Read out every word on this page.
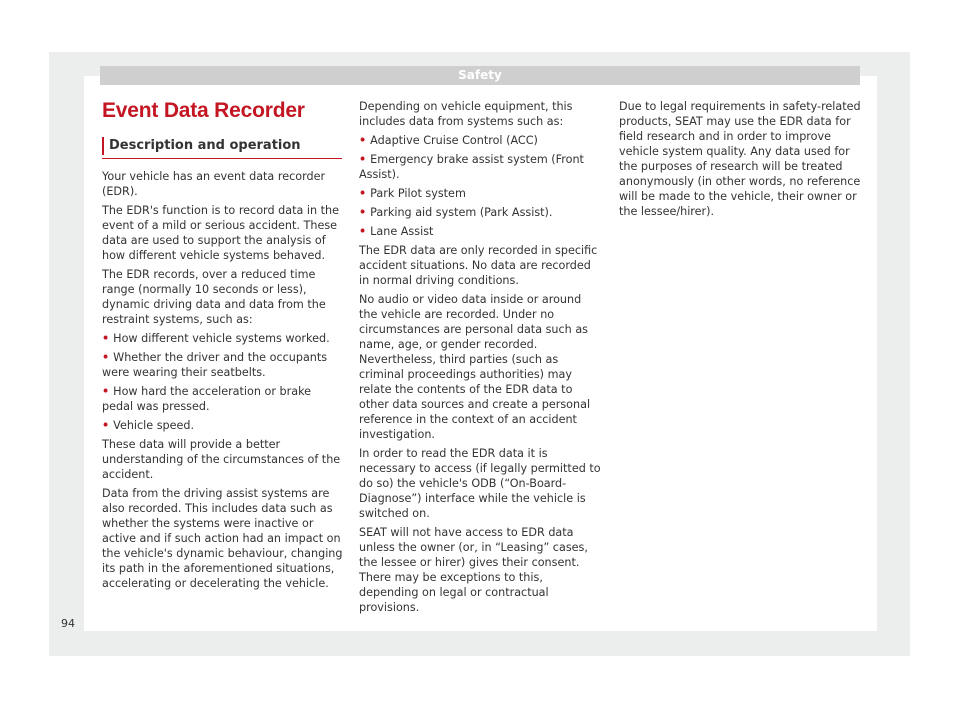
Safety
Event Data Recorder
Description and operation

Your vehicle has an event data recorder (EDR).

The EDR's function is to record data in the event of a mild or serious accident. These data are used to support the analysis of how different vehicle systems behaved.

The EDR records, over a reduced time range (normally 10 seconds or less), dynamic driving data and data from the restraint systems, such as:

• How different vehicle systems worked.
• Whether the driver and the occupants were wearing their seatbelts.
• How hard the acceleration or brake pedal was pressed.
• Vehicle speed.

These data will provide a better understanding of the circumstances of the accident.

Data from the driving assist systems are also recorded. This includes data such as whether the systems were inactive or active and if such action had an impact on the vehicle's dynamic behaviour, changing its path in the aforementioned situations, accelerating or decelerating the vehicle.

Depending on vehicle equipment, this includes data from systems such as:

• Adaptive Cruise Control (ACC)
• Emergency brake assist system (Front Assist).
• Park Pilot system
• Parking aid system (Park Assist).
• Lane Assist

The EDR data are only recorded in specific accident situations. No data are recorded in normal driving conditions.

No audio or video data inside or around the vehicle are recorded. Under no circumstances are personal data such as name, age, or gender recorded. Nevertheless, third parties (such as criminal proceedings authorities) may relate the contents of the EDR data to other data sources and create a personal reference in the context of an accident investigation.

In order to read the EDR data it is necessary to access (if legally permitted to do so) the vehicle's ODB (“On-Board-Diagnose”) interface while the vehicle is switched on.

SEAT will not have access to EDR data unless the owner (or, in “Leasing” cases, the lessee or hirer) gives their consent. There may be exceptions to this, depending on legal or contractual provisions.

Due to legal requirements in safety-related products, SEAT may use the EDR data for field research and in order to improve vehicle system quality. Any data used for the purposes of research will be treated anonymously (in other words, no reference will be made to the vehicle, their owner or the lessee/hirer).

94
